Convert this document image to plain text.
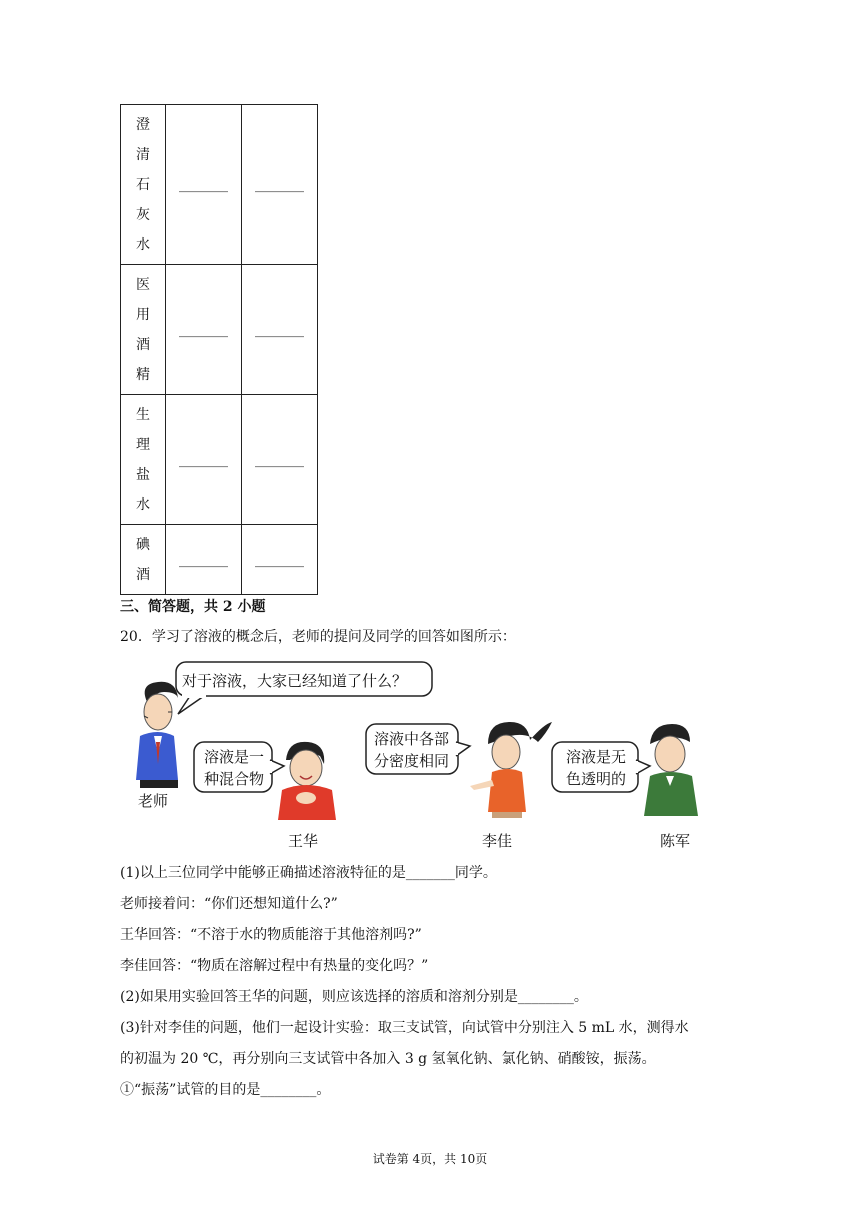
澄
清
石
灰
水	_______	_______

医
用
酒
精	_______	_______

生
理
盐
水	_______	_______

碘
酒	_______	_______
三、简答题，共 2 小题
20．学习了溶液的概念后，老师的提问及同学的回答如图所示：
老师
对于溶液，大家已经知道了什么？
溶液是一
种混合物
王华
溶液中各部
分密度相同
李佳
溶液是无
色透明的
陈军
(1)以上三位同学中能够正确描述溶液特征的是_______同学。
老师接着问：“你们还想知道什么?”
王华回答：“不溶于水的物质能溶于其他溶剂吗?”
李佳回答：“物质在溶解过程中有热量的变化吗？”
(2)如果用实验回答王华的问题，则应该选择的溶质和溶剂分别是________。
(3)针对李佳的问题，他们一起设计实验：取三支试管，向试管中分别注入 5 mL 水，测得水
的初温为 20 ℃，再分别向三支试管中各加入 3 g 氢氧化钠、氯化钠、硝酸铵，振荡。
①“振荡”试管的目的是________。
试卷第 4页，共 10页
